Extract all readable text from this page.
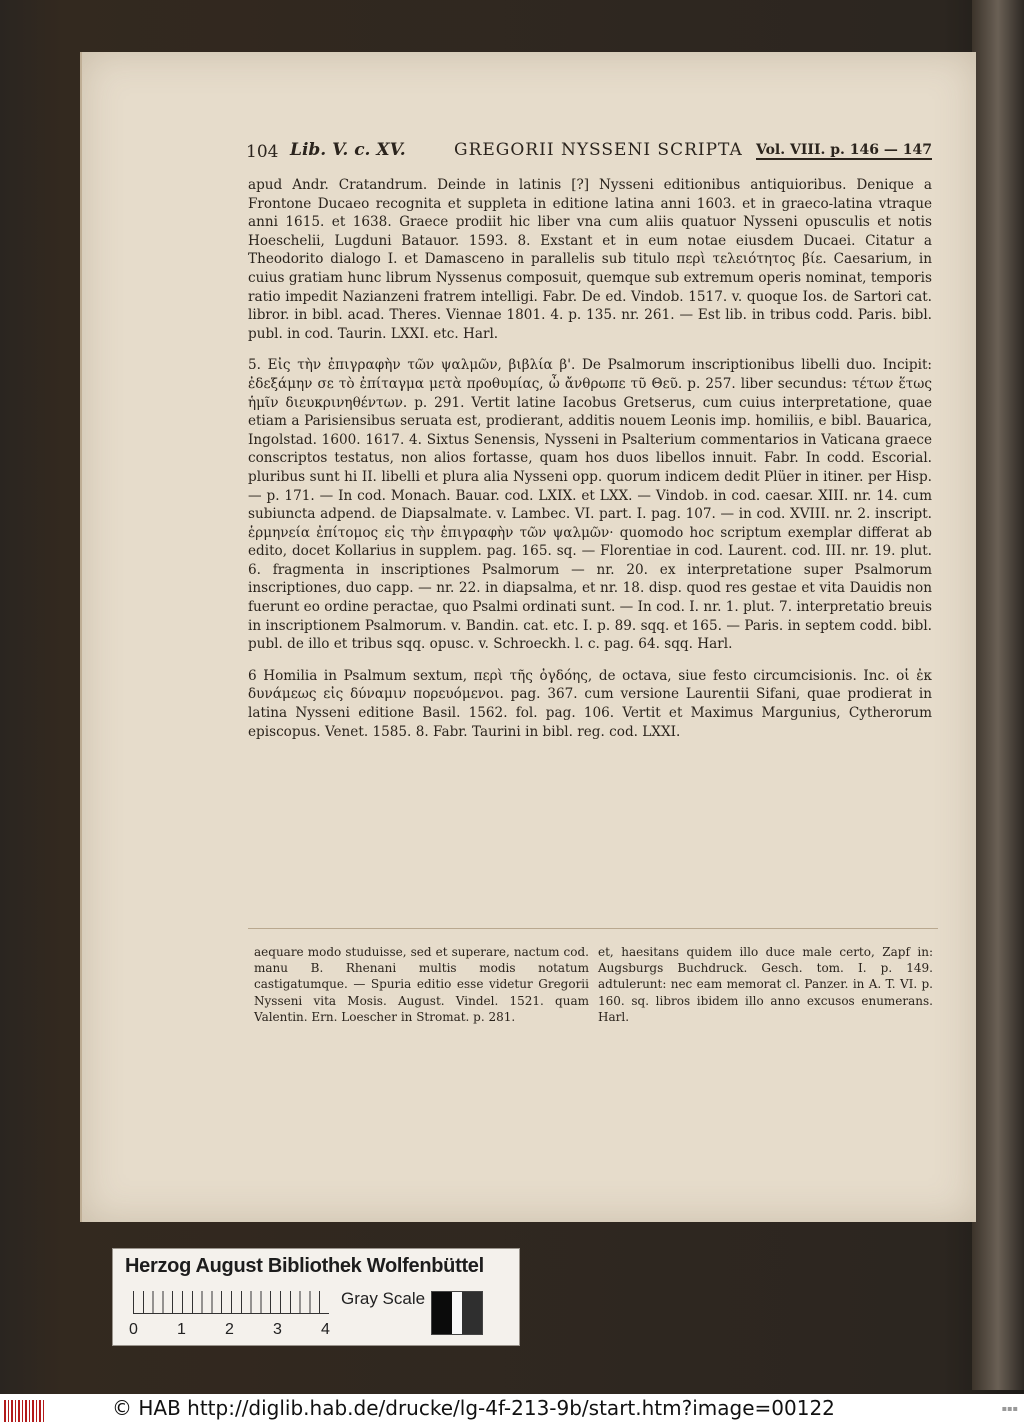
104 Lib. V. c. XV.	GREGORII NYSSENI SCRIPTA Vol. VIII. p. 146 — 147

apud Andr. Cratandrum. Deinde in latinis [?] Nysseni editionibus antiquioribus. Denique a Frontone Ducaeo recognita et suppleta in editione latina anni 1603. et in graeco-latina vtraque anni 1615. et 1638. Graece prodiit hic liber vna cum aliis quatuor Nysseni opusculis et notis Hoeschelii, Lugduni Batauor. 1593. 8. Exstant et in eum notae eiusdem Ducaei. Citatur a Theodorito dialogo I. et Damasceno in parallelis sub titulo περὶ τελειότητος βίε. Caesarium, in cuius gratiam hunc librum Nyssenus composuit, quemque sub extremum operis nominat, temporis ratio impedit Nazianzeni fratrem intelligi. Fabr. De ed. Vindob. 1517. v. quoque Ios. de Sartori cat. libror. in bibl. acad. Theres. Viennae 1801. 4. p. 135. nr. 261. — Est lib. in tribus codd. Paris. bibl. publ. in cod. Taurin. LXXI. etc. Harl.

5. Εἰς τὴν ἐπιγραφὴν τῶν ψαλμῶν, βιβλία β'. De Psalmorum inscriptionibus libelli duo. Incipit: ἐδεξάμην σε τὸ ἐπίταγμα μετὰ προθυμίας, ὦ ἄνθρωπε τῦ Θεῦ. p. 257. liber secundus: τέτων ἕτως ἡμῖν διευκρινηθέντων. p. 291. Vertit latine Iacobus Gretserus, cum cuius interpretatione, quae etiam a Parisiensibus seruata est, prodierant, additis nouem Leonis imp. homiliis, e bibl. Bauarica, Ingolstad. 1600. 1617. 4. Sixtus Senensis, Nysseni in Psalterium commentarios in Vaticana graece conscriptos testatus, non alios fortasse, quam hos duos libellos innuit. Fabr. In codd. Escorial. pluribus sunt hi II. libelli et plura alia Nysseni opp. quorum indicem dedit Plüer in itiner. per Hisp. — p. 171. — In cod. Monach. Bauar. cod. LXIX. et LXX. — Vindob. in cod. caesar. XIII. nr. 14. cum subiuncta adpend. de Diapsalmate. v. Lambec. VI. part. I. pag. 107. — in cod. XVIII. nr. 2. inscript. ἑρμηνεία ἐπίτομος εἰς τὴν ἐπιγραφὴν τῶν ψαλμῶν· quomodo hoc scriptum exemplar differat ab edito, docet Kollarius in supplem. pag. 165. sq. — Florentiae in cod. Laurent. cod. III. nr. 19. plut. 6. fragmenta in inscriptiones Psalmorum — nr. 20. ex interpretatione super Psalmorum inscriptiones, duo capp. — nr. 22. in diapsalma, et nr. 18. disp. quod res gestae et vita Dauidis non fuerunt eo ordine peractae, quo Psalmi ordinati sunt. — In cod. I. nr. 1. plut. 7. interpretatio breuis in inscriptionem Psalmorum. v. Bandin. cat. etc. I. p. 89. sqq. et 165. — Paris. in septem codd. bibl. publ. de illo et tribus sqq. opusc. v. Schroeckh. l. c. pag. 64. sqq. Harl.

6 Homilia in Psalmum sextum, περὶ τῆς ὀγδόης, de octava, siue festo circumcisionis. Inc. οἱ ἐκ δυνάμεως εἰς δύναμιν πορευόμενοι. pag. 367. cum versione Laurentii Sifani, quae prodierat in latina Nysseni editione Basil. 1562. fol. pag. 106. Vertit et Maximus Margunius, Cytherorum episcopus. Venet. 1585. 8. Fabr. Taurini in bibl. reg. cod. LXXI.

aequare modo studuisse, sed et superare, nactum cod. manu B. Rhenani multis modis notatum castigatumque. — Spuria editio esse videtur Gregorii Nysseni vita Mosis. August. Vindel. 1521. quam Valentin. Ern. Loescher in Stromat. p. 281.
et, haesitans quidem illo duce male certo, Zapf in: Augsburgs Buchdruck. Gesch. tom. I. p. 149. adtulerunt: nec eam memorat cl. Panzer. in A. T. VI. p. 160. sq. libros ibidem illo anno excusos enumerans. Harl.
Herzog August Bibliothek Wolfenbüttel
0 1 2 3 4
Gray Scale
© HAB http://diglib.hab.de/drucke/lg-4f-213-9b/start.htm?image=00122	▪▪▪
